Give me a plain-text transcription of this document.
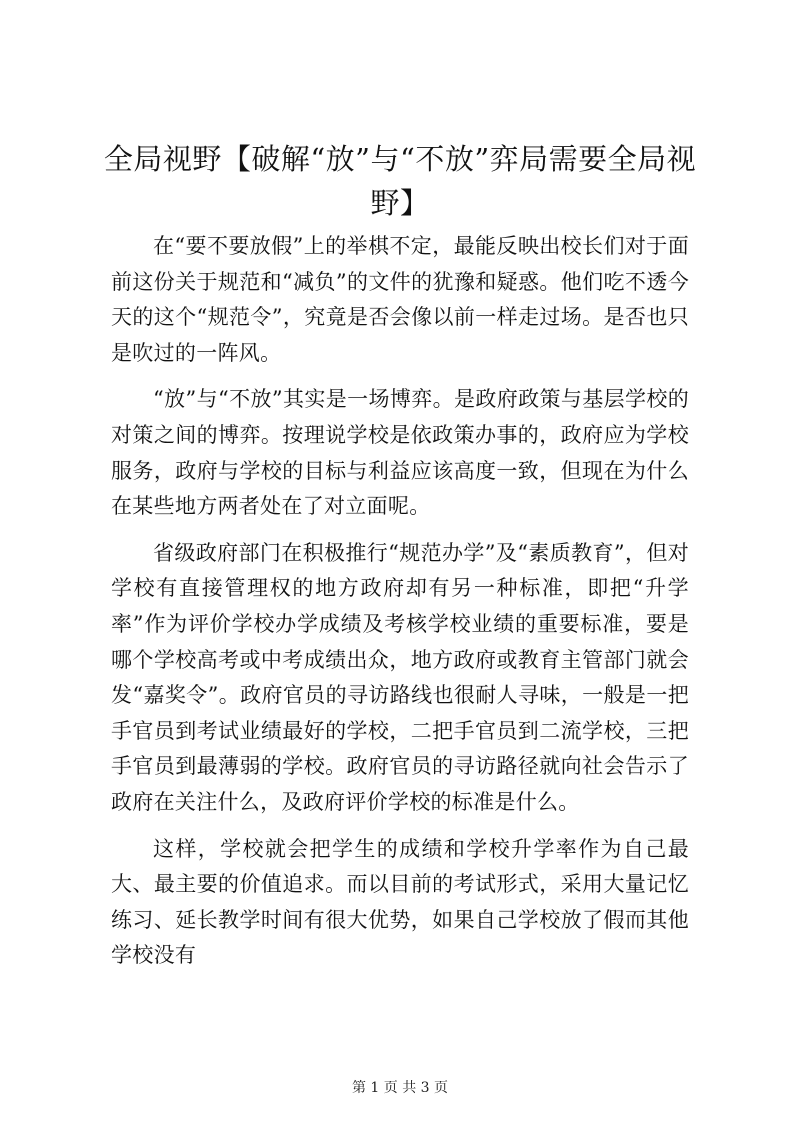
全局视野【破解“放”与“不放”弈局需要全局视野】

在“要不要放假”上的举棋不定，最能反映出校长们对于面前这份关于规范和“减负”的文件的犹豫和疑惑。他们吃不透今天的这个“规范令”，究竟是否会像以前一样走过场。是否也只是吹过的一阵风。

“放”与“不放”其实是一场博弈。是政府政策与基层学校的对策之间的博弈。按理说学校是依政策办事的，政府应为学校服务，政府与学校的目标与利益应该高度一致，但现在为什么在某些地方两者处在了对立面呢。

省级政府部门在积极推行“规范办学”及“素质教育”，但对学校有直接管理权的地方政府却有另一种标准，即把“升学率”作为评价学校办学成绩及考核学校业绩的重要标准，要是哪个学校高考或中考成绩出众，地方政府或教育主管部门就会发“嘉奖令”。政府官员的寻访路线也很耐人寻味，一般是一把手官员到考试业绩最好的学校，二把手官员到二流学校，三把手官员到最薄弱的学校。政府官员的寻访路径就向社会告示了政府在关注什么，及政府评价学校的标准是什么。

这样，学校就会把学生的成绩和学校升学率作为自己最大、最主要的价值追求。而以目前的考试形式，采用大量记忆练习、延长教学时间有很大优势，如果自己学校放了假而其他学校没有

第 1 页 共 3 页
